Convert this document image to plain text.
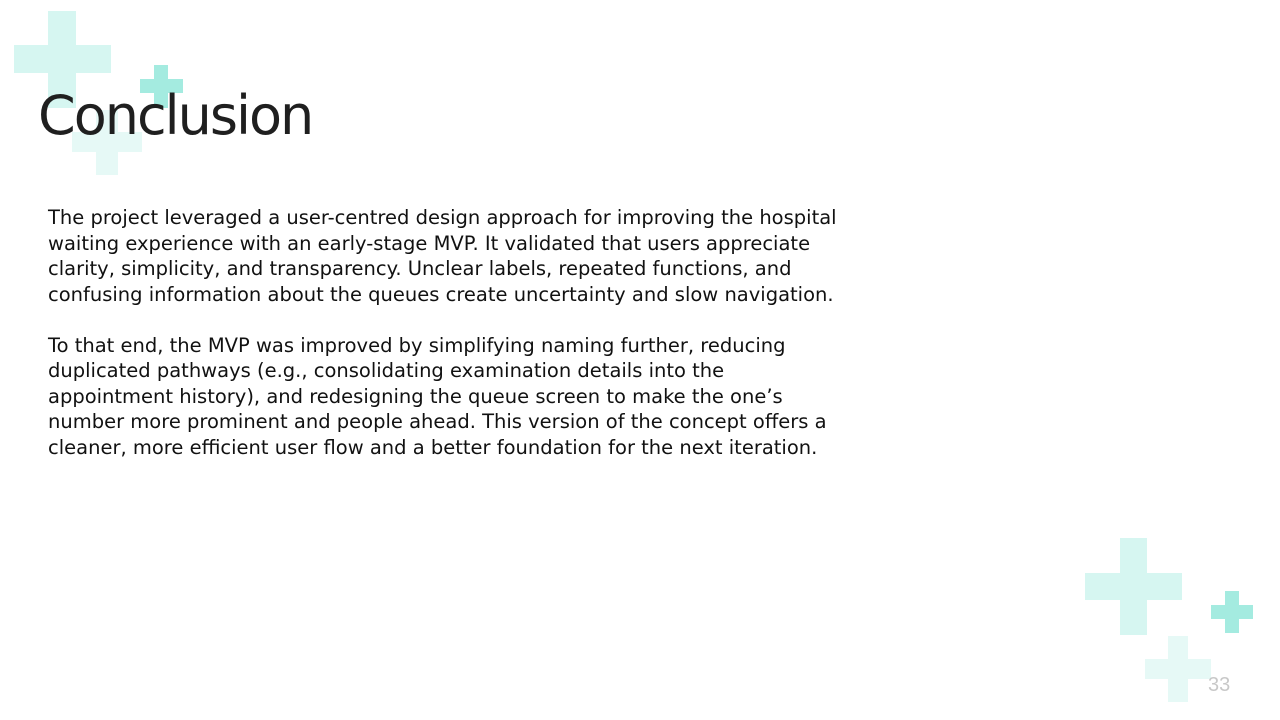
Conclusion

The project leveraged a user-centred design approach for improving the hospital waiting experience with an early-stage MVP. It validated that users appreciate clarity, simplicity, and transparency. Unclear labels, repeated functions, and confusing information about the queues create uncertainty and slow navigation.

To that end, the MVP was improved by simplifying naming further, reducing duplicated pathways (e.g., consolidating examination details into the appointment history), and redesigning the queue screen to make the one’s number more prominent and people ahead. This version of the concept offers a cleaner, more efficient user flow and a better foundation for the next iteration.

33
